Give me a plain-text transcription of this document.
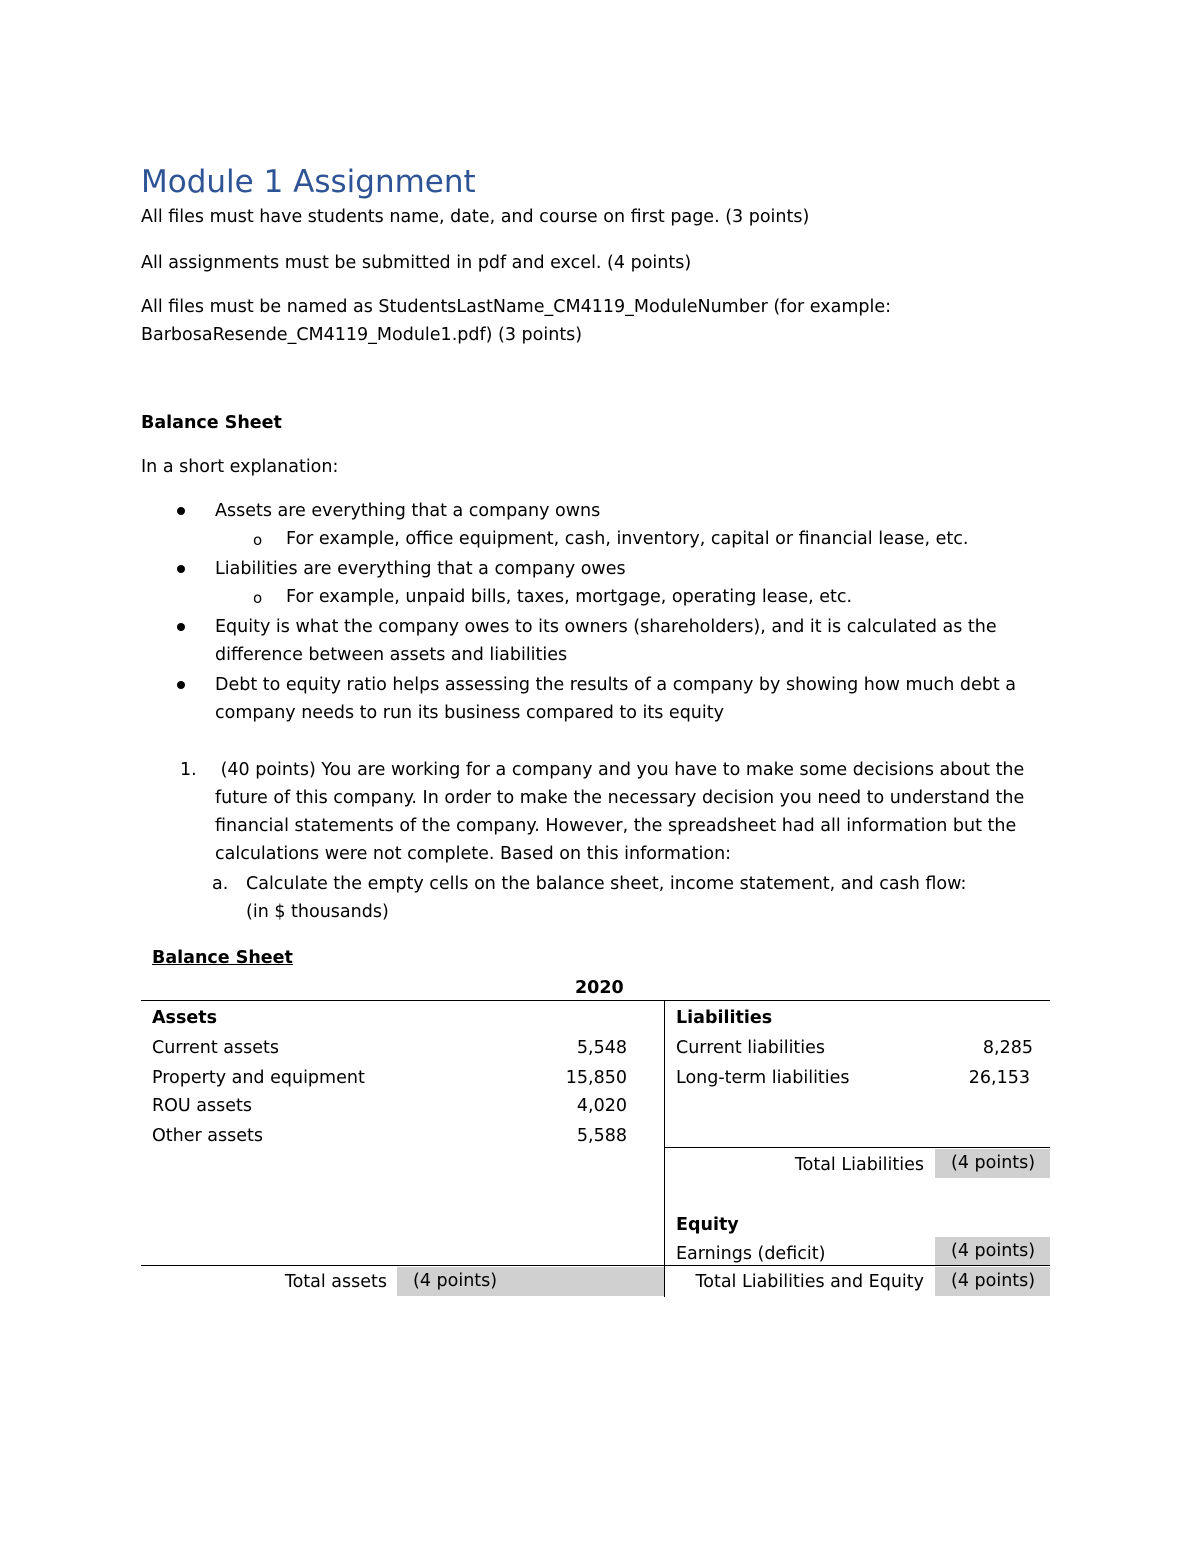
Module 1 Assignment
All files must have students name, date, and course on first page. (3 points)
All assignments must be submitted in pdf and excel. (4 points)
All files must be named as StudentsLastName_CM4119_ModuleNumber (for example:
BarbosaResende_CM4119_Module1.pdf) (3 points)
Balance Sheet
In a short explanation:
Assets are everything that a company owns
o For example, office equipment, cash, inventory, capital or financial lease, etc.
Liabilities are everything that a company owes
o For example, unpaid bills, taxes, mortgage, operating lease, etc.
Equity is what the company owes to its owners (shareholders), and it is calculated as the
difference between assets and liabilities
Debt to equity ratio helps assessing the results of a company by showing how much debt a
company needs to run its business compared to its equity
1. (40 points) You are working for a company and you have to make some decisions about the
future of this company. In order to make the necessary decision you need to understand the
financial statements of the company. However, the spreadsheet had all information but the
calculations were not complete. Based on this information:
a. Calculate the empty cells on the balance sheet, income statement, and cash flow:
(in $ thousands)
Balance Sheet
2020
Assets
Current assets	5,548
Property and equipment	15,850
ROU assets	4,020
Other assets	5,588
Total assets	(4 points)
Liabilities
Current liabilities	8,285
Long-term liabilities	26,153
Total Liabilities	(4 points)
Equity
Earnings (deficit)	(4 points)
Total Liabilities and Equity	(4 points)
